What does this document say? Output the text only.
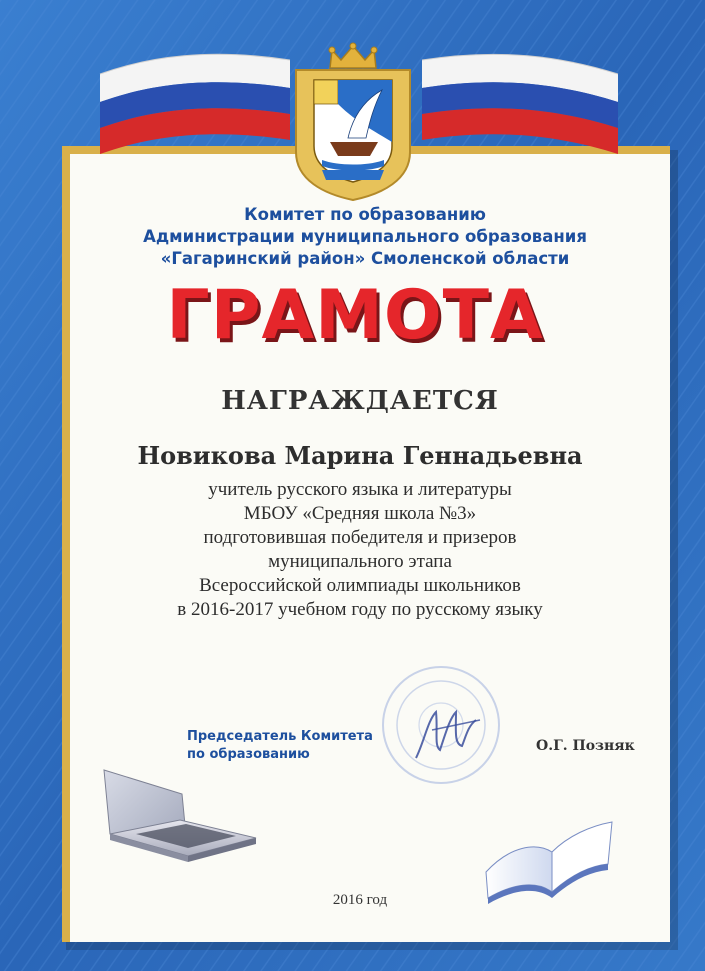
Комитет по образованию
Администрации муниципального образования
«Гагаринский район» Смоленской области
ГРАМОТА
НАГРАЖДАЕТСЯ
Новикова Марина Геннадьевна
учитель русского языка и литературы
МБОУ «Средняя школа №3»
подготовившая победителя и призеров
муниципального этапа
Всероссийской олимпиады школьников
в 2016-2017 учебном году по русскому языку
Председатель Комитета
по образованию
О.Г. Позняк
2016 год
